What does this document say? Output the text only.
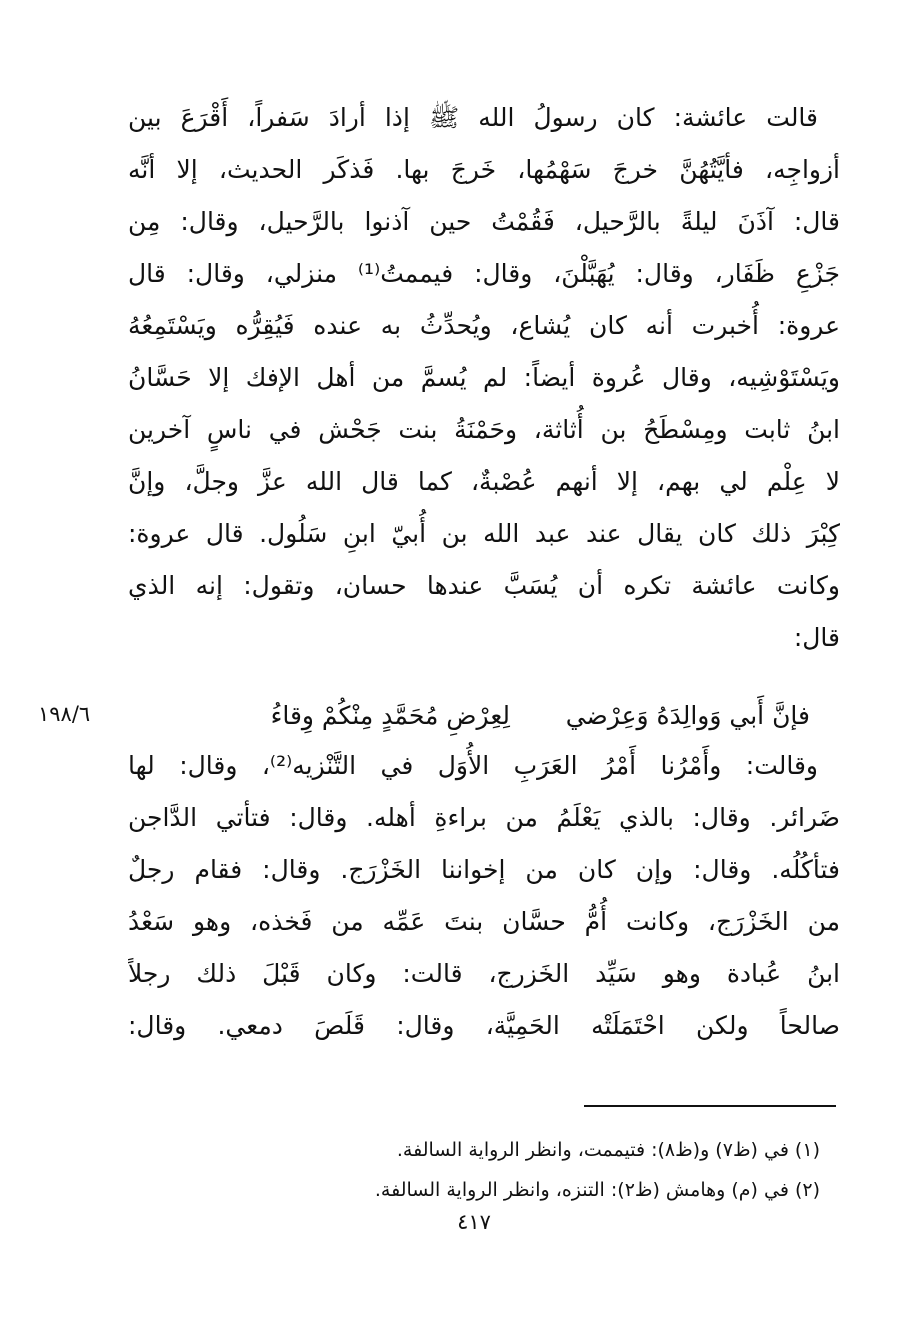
قالت عائشة: كان رسولُ الله ﷺ إذا أرادَ سَفراً، أَقْرَعَ بين
أزواجِه، فأيَّتُهُنَّ خرجَ سَهْمُها، خَرجَ بها. فَذكَر الحديث، إلا أنَّه
قال: آذَنَ ليلةً بالرَّحيل، فَقُمْتُ حين آذنوا بالرَّحيل، وقال: مِن
جَزْعِ ظَفَار، وقال: يُهَبَّلْنَ، وقال: فيممتُ⁽¹⁾ منزلي، وقال: قال
عروة: أُخبرت أنه كان يُشاع، ويُحدِّثُ به عنده فَيُقِرُّه ويَسْتَمِعُهُ
ويَسْتَوْشِيه، وقال عُروة أيضاً: لم يُسمَّ من أهل الإفك إلا حَسَّانُ
ابنُ ثابت ومِسْطَحُ بن أُثاثة، وحَمْنَةُ بنت جَحْش في ناسٍ آخرين
لا عِلْم لي بهم، إلا أنهم عُصْبةٌ، كما قال الله عزَّ وجلَّ، وإنَّ
كِبْرَ ذلك كان يقال عند عبد الله بن أُبيّ ابنِ سَلُول. قال عروة:
وكانت عائشة تكره أن يُسَبَّ عندها حسان، وتقول: إنه الذي
قال:
فإنَّ أَبي وَوالِدَهُ وَعِرْضي
لِعِرْضِ مُحَمَّدٍ مِنْكُمْ وِقاءُ
١٩٨/٦
وقالت: وأَمْرُنا أَمْرُ العَرَبِ الأُوَل في التَّنْزيه⁽²⁾، وقال: لها
ضَرائر. وقال: بالذي يَعْلَمُ من براءةِ أهله. وقال: فتأتي الدَّاجن
فتأكُلُه. وقال: وإن كان من إخواننا الخَزْرَج. وقال: فقام رجلٌ
من الخَزْرَج، وكانت أُمُّ حسَّان بنتَ عَمِّه من فَخذه، وهو سَعْدُ
ابنُ عُبادة وهو سَيِّد الخَزرج، قالت: وكان قَبْلَ ذلك رجلاً
صالحاً ولكن احْتَمَلَتْه الحَمِيَّة، وقال: قَلَصَ دمعي. وقال:
(١) في (ظ٧) و(ظ٨): فتيممت، وانظر الرواية السالفة.
(٢) في (م) وهامش (ظ٢): التنزه، وانظر الرواية السالفة.
٤١٧
